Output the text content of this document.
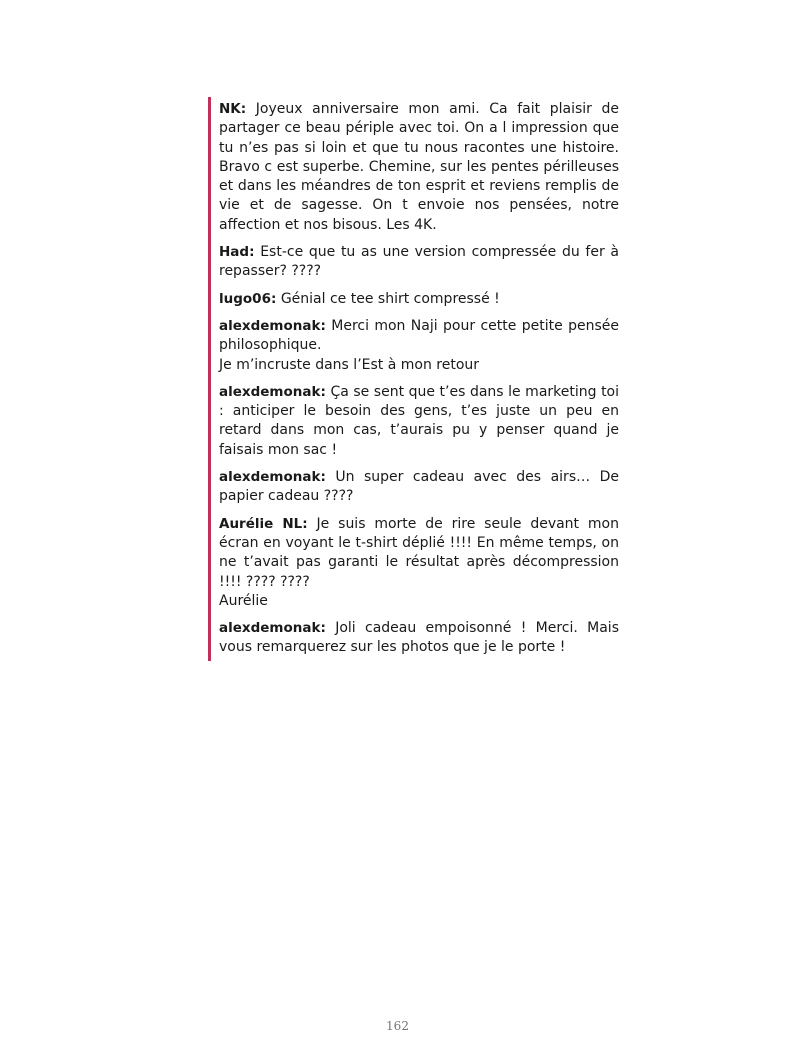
NK: Joyeux anniversaire mon ami. Ca fait plaisir de partager ce beau périple avec toi. On a l impression que tu n’es pas si loin et que tu nous racontes une histoire. Bravo c est superbe. Chemine, sur les pentes périlleuses et dans les méandres de ton esprit et reviens remplis de vie et de sagesse. On t envoie nos pensées, notre affection et nos bisous. Les 4K.

Had: Est-ce que tu as une version compressée du fer à repasser? ????

lugo06: Génial ce tee shirt compressé !

alexdemonak: Merci mon Naji pour cette petite pensée philosophique.
Je m’incruste dans l’Est à mon retour

alexdemonak: Ça se sent que t’es dans le marketing toi : anticiper le besoin des gens, t’es juste un peu en retard dans mon cas, t’aurais pu y penser quand je faisais mon sac !

alexdemonak: Un super cadeau avec des airs… De papier cadeau ????

Aurélie NL: Je suis morte de rire seule devant mon écran en voyant le t-shirt déplié !!!! En même temps, on ne t’avait pas garanti le résultat après décompression !!!! ???? ????
Aurélie

alexdemonak: Joli cadeau empoisonné ! Merci. Mais vous remarquerez sur les photos que je le porte !

162
